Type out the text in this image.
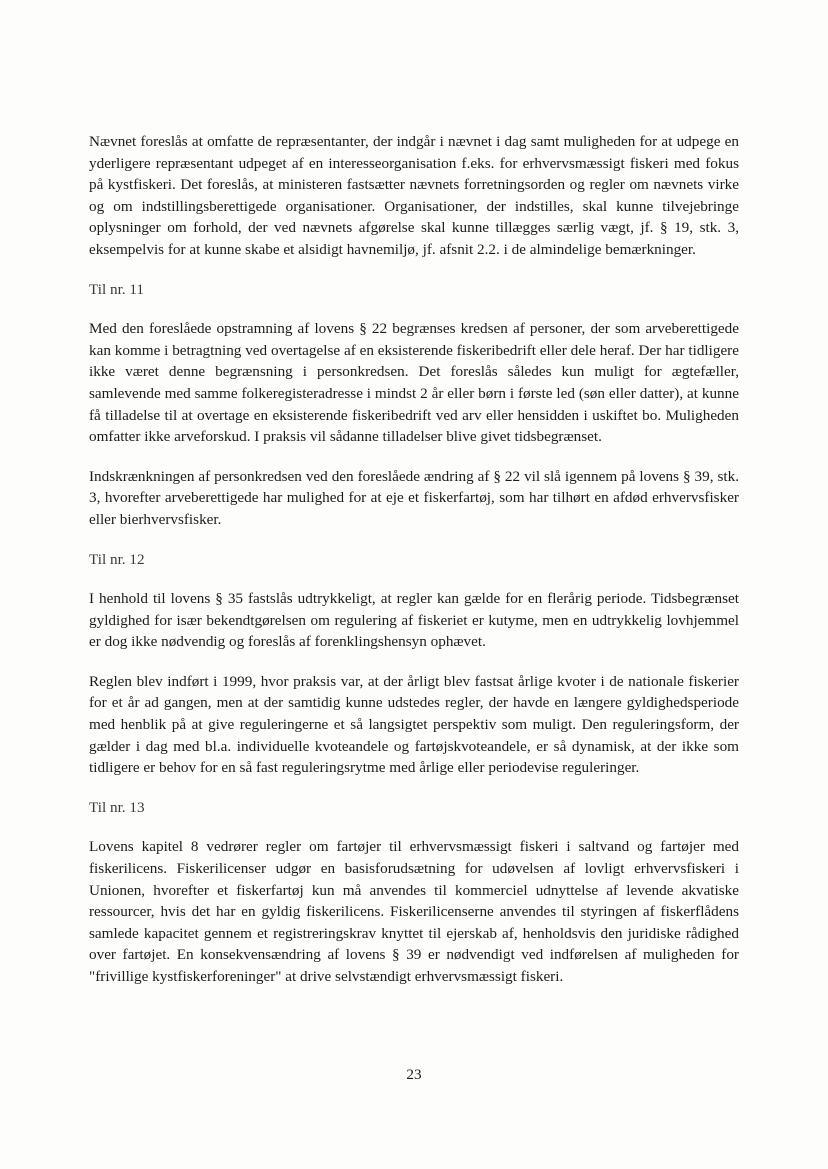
Nævnet foreslås at omfatte de repræsentanter, der indgår i nævnet i dag samt muligheden for at udpege en yderligere repræsentant udpeget af en interesseorganisation f.eks. for erhvervsmæssigt fiskeri med fokus på kystfiskeri. Det foreslås, at ministeren fastsætter nævnets forretningsorden og regler om nævnets virke og om indstillingsberettigede organisationer. Organisationer, der indstilles, skal kunne tilvejebringe oplysninger om forhold, der ved nævnets afgørelse skal kunne tillægges særlig vægt, jf. § 19, stk. 3, eksempelvis for at kunne skabe et alsidigt havnemiljø, jf. afsnit 2.2. i de almindelige bemærkninger.

Til nr. 11

Med den foreslåede opstramning af lovens § 22 begrænses kredsen af personer, der som arveberettigede kan komme i betragtning ved overtagelse af en eksisterende fiskeribedrift eller dele heraf. Der har tidligere ikke været denne begrænsning i personkredsen. Det foreslås således kun muligt for ægtefæller, samlevende med samme folkeregisteradresse i mindst 2 år eller børn i første led (søn eller datter), at kunne få tilladelse til at overtage en eksisterende fiskeribedrift ved arv eller hensidden i uskiftet bo. Muligheden omfatter ikke arveforskud. I praksis vil sådanne tilladelser blive givet tidsbegrænset.

Indskrænkningen af personkredsen ved den foreslåede ændring af § 22 vil slå igennem på lovens § 39, stk. 3, hvorefter arveberettigede har mulighed for at eje et fiskerfartøj, som har tilhørt en afdød erhvervsfisker eller bierhvervsfisker.

Til nr. 12

I henhold til lovens § 35 fastslås udtrykkeligt, at regler kan gælde for en flerårig periode. Tidsbegrænset gyldighed for især bekendtgørelsen om regulering af fiskeriet er kutyme, men en udtrykkelig lovhjemmel er dog ikke nødvendig og foreslås af forenklingshensyn ophævet.

Reglen blev indført i 1999, hvor praksis var, at der årligt blev fastsat årlige kvoter i de nationale fiskerier for et år ad gangen, men at der samtidig kunne udstedes regler, der havde en længere gyldighedsperiode med henblik på at give reguleringerne et så langsigtet perspektiv som muligt. Den reguleringsform, der gælder i dag med bl.a. individuelle kvoteandele og fartøjskvoteandele, er så dynamisk, at der ikke som tidligere er behov for en så fast reguleringsrytme med årlige eller periodevise reguleringer.

Til nr. 13

Lovens kapitel 8 vedrører regler om fartøjer til erhvervsmæssigt fiskeri i saltvand og fartøjer med fiskerilicens. Fiskerilicenser udgør en basisforudsætning for udøvelsen af lovligt erhvervsfiskeri i Unionen, hvorefter et fiskerfartøj kun må anvendes til kommerciel udnyttelse af levende akvatiske ressourcer, hvis det har en gyldig fiskerilicens. Fiskerilicenserne anvendes til styringen af fiskerflådens samlede kapacitet gennem et registreringskrav knyttet til ejerskab af, henholdsvis den juridiske rådighed over fartøjet. En konsekvensændring af lovens § 39 er nødvendigt ved indførelsen af muligheden for "frivillige kystfiskerforeninger" at drive selvstændigt erhvervsmæssigt fiskeri.

23
